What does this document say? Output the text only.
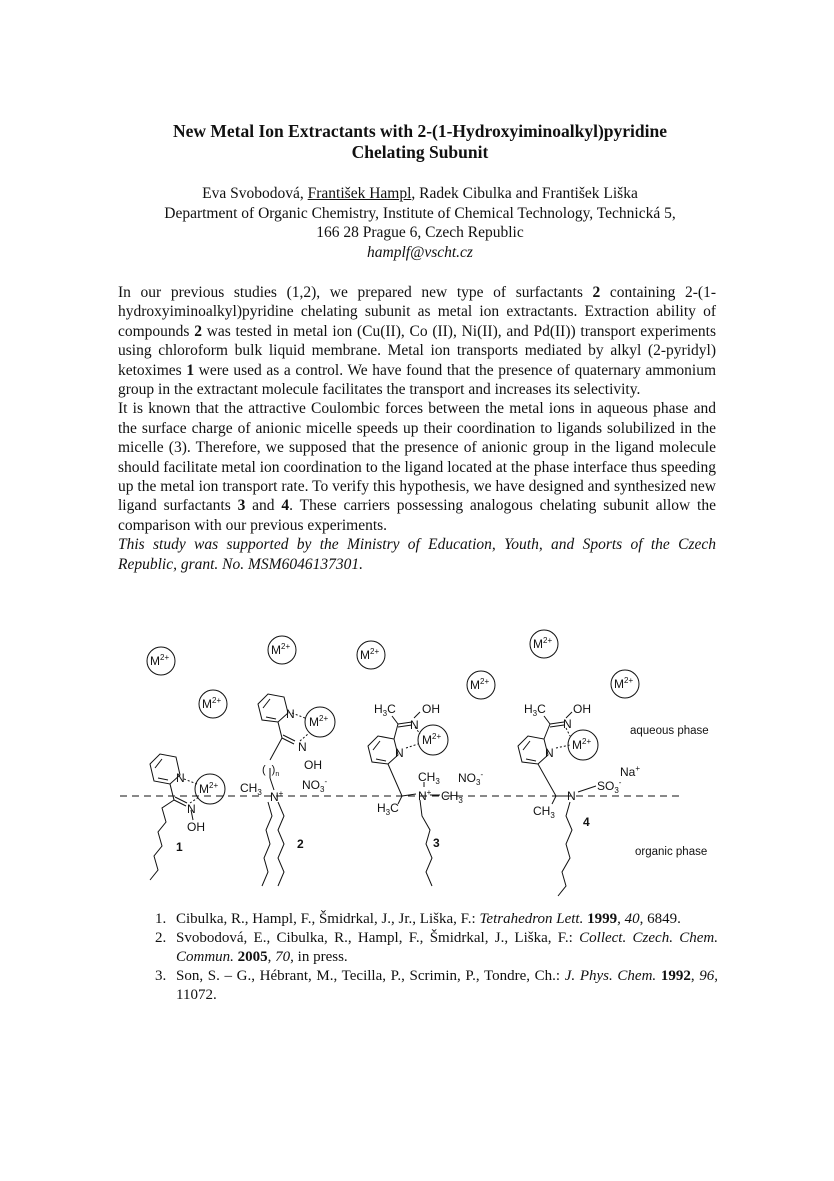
New Metal Ion Extractants with 2-(1-Hydroxyiminoalkyl)pyridine
Chelating Subunit
Eva Svobodová, František Hampl, Radek Cibulka and František Liška
Department of Organic Chemistry, Institute of Chemical Technology, Technická 5,
166 28 Prague 6, Czech Republic
hamplf@vscht.cz

In our previous studies (1,2), we prepared new type of surfactants 2 containing 2-(1-hydroxyiminoalkyl)pyridine chelating subunit as metal ion extractants. Extraction ability of compounds 2 was tested in metal ion (Cu(II), Co (II), Ni(II), and Pd(II)) transport experiments using chloroform bulk liquid membrane. Metal ion transports mediated by alkyl (2-pyridyl) ketoximes 1 were used as a control. We have found that the presence of quaternary ammonium group in the extractant molecule facilitates the transport and increases its selectivity.

It is known that the attractive Coulombic forces between the metal ions in aqueous phase and the surface charge of anionic micelle speeds up their coordination to ligands solubilized in the micelle (3). Therefore, we supposed that the presence of anionic group in the ligand molecule should facilitate metal ion coordination to the ligand located at the phase interface thus speeding up the metal ion transport rate. To verify this hypothesis, we have designed and synthesized new ligand surfactants 3 and 4. These carriers possessing analogous chelating subunit allow the comparison with our previous experiments.

This study was supported by the Ministry of Education, Youth, and Sports of the Czech Republic, grant. No. MSM6046137301.

$M^{2+}$
$M^{2+}$
$M^{2+}$
$M^{2+}$
$M^{2+}$
$M^{2+}$
$M^{2+}$
N
N
OH
$M^{2+}$
1
N
N
OH
$M^{2+}$
( )$_n$
$CH_3$ N+
$NO_3^-$
2
$H_3C$ OH
N
N
$M^{2+}$
$CH_3$
N+ $CH_3$
$H_3C$
$NO_3^-$
3
$H_3C$ OH
N
N
$M^{2+}$
N
$SO_3^-$
Na+
$CH_3$ 4
aqueous phase
organic phase
1. Cibulka, R., Hampl, F., Šmidrkal, J., Jr., Liška, F.: Tetrahedron Lett. 1999, 40, 6849.
2. Svobodová, E., Cibulka, R., Hampl, F., Šmidrkal, J., Liška, F.: Collect. Czech. Chem. Commun. 2005, 70, in press.
3. Son, S. – G., Hébrant, M., Tecilla, P., Scrimin, P., Tondre, Ch.: J. Phys. Chem. 1992, 96, 11072.
